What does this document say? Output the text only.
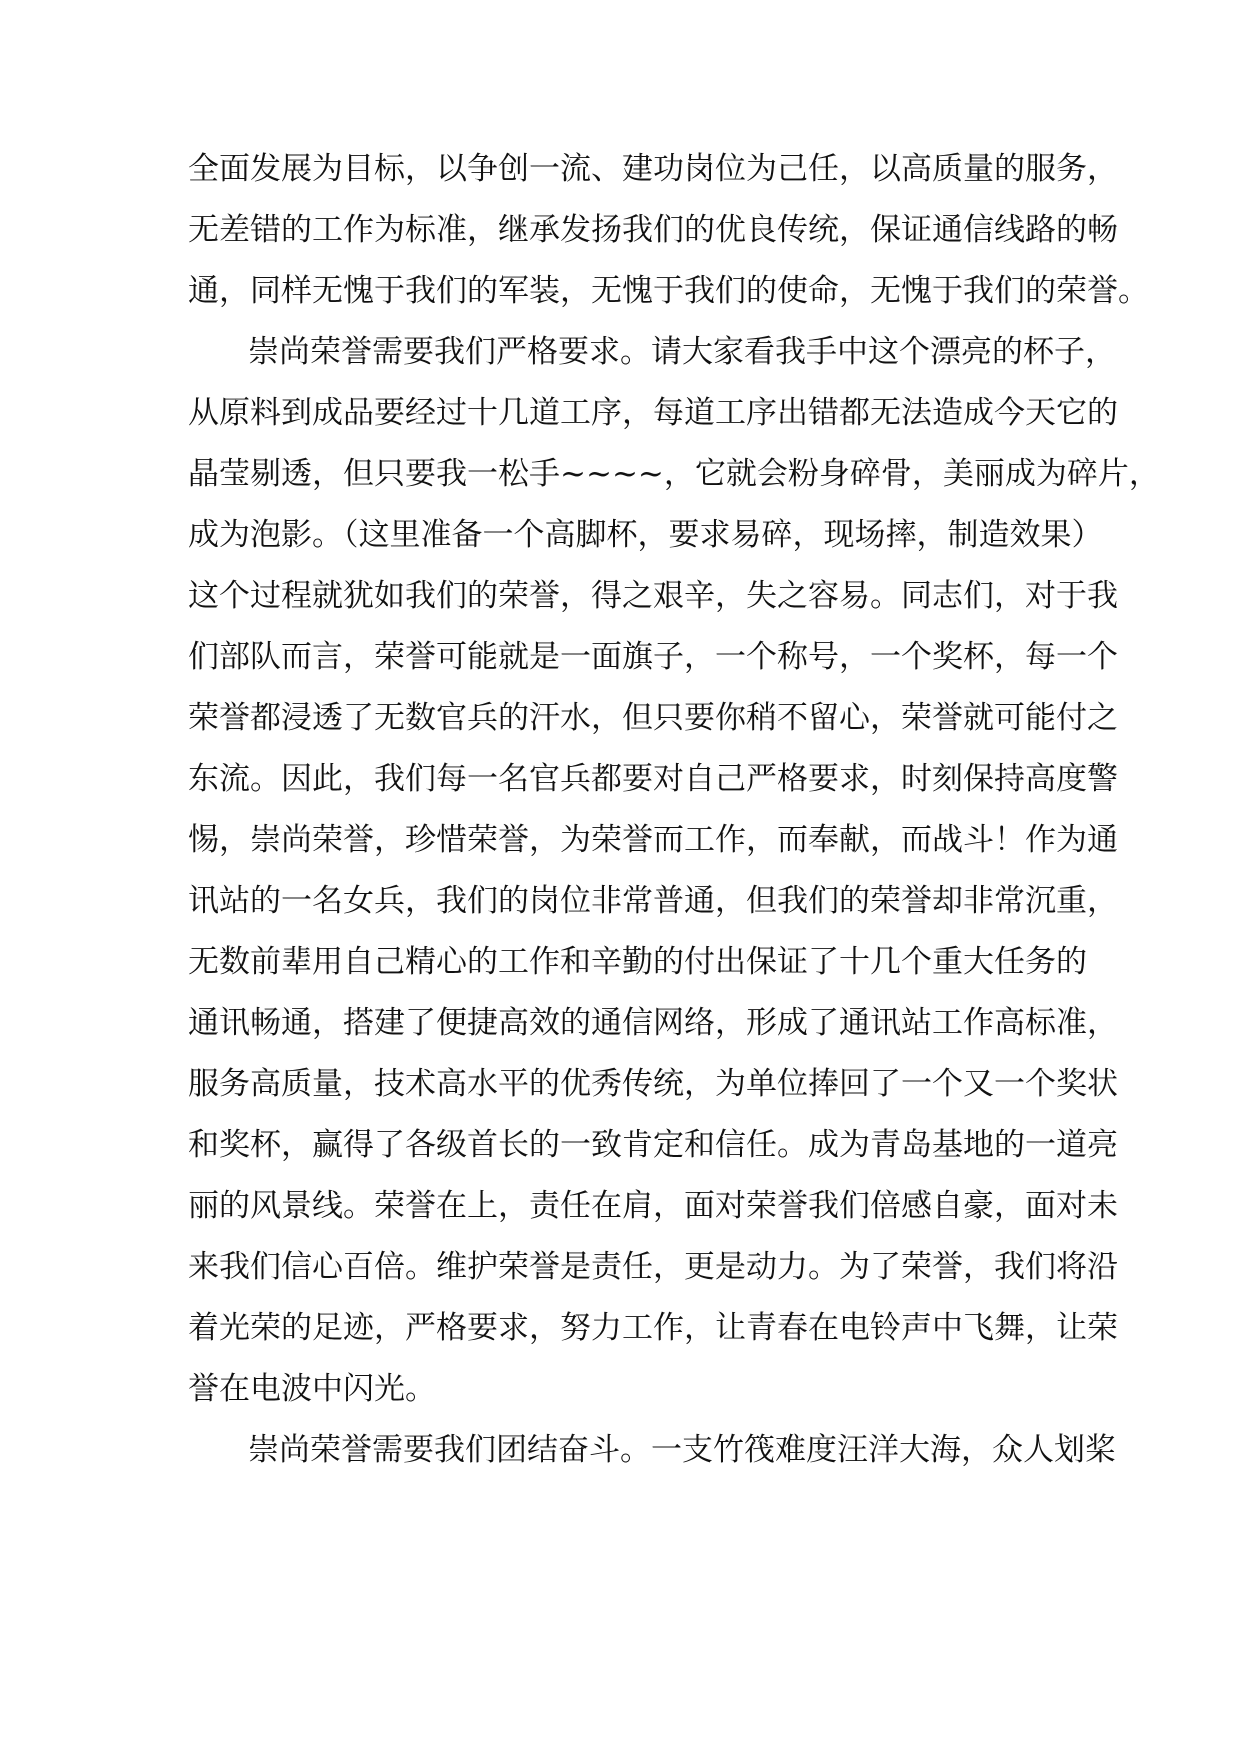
全面发展为目标，以争创一流、建功岗位为己任，以高质量的服务，
无差错的工作为标准，继承发扬我们的优良传统，保证通信线路的畅
通，同样无愧于我们的军装，无愧于我们的使命，无愧于我们的荣誉。
崇尚荣誉需要我们严格要求。请大家看我手中这个漂亮的杯子，
从原料到成品要经过十几道工序，每道工序出错都无法造成今天它的
晶莹剔透，但只要我一松手~~~~，它就会粉身碎骨，美丽成为碎片，
成为泡影。（这里准备一个高脚杯，要求易碎，现场摔，制造效果）
这个过程就犹如我们的荣誉，得之艰辛，失之容易。同志们，对于我
们部队而言，荣誉可能就是一面旗子，一个称号，一个奖杯，每一个
荣誉都浸透了无数官兵的汗水，但只要你稍不留心，荣誉就可能付之
东流。因此，我们每一名官兵都要对自己严格要求，时刻保持高度警
惕，崇尚荣誉，珍惜荣誉，为荣誉而工作，而奉献，而战斗！作为通
讯站的一名女兵，我们的岗位非常普通，但我们的荣誉却非常沉重，
无数前辈用自己精心的工作和辛勤的付出保证了十几个重大任务的
通讯畅通，搭建了便捷高效的通信网络，形成了通讯站工作高标准，
服务高质量，技术高水平的优秀传统，为单位捧回了一个又一个奖状
和奖杯，赢得了各级首长的一致肯定和信任。成为青岛基地的一道亮
丽的风景线。荣誉在上，责任在肩，面对荣誉我们倍感自豪，面对未
来我们信心百倍。维护荣誉是责任，更是动力。为了荣誉，我们将沿
着光荣的足迹，严格要求，努力工作，让青春在电铃声中飞舞，让荣
誉在电波中闪光。
崇尚荣誉需要我们团结奋斗。一支竹筏难度汪洋大海，众人划桨
